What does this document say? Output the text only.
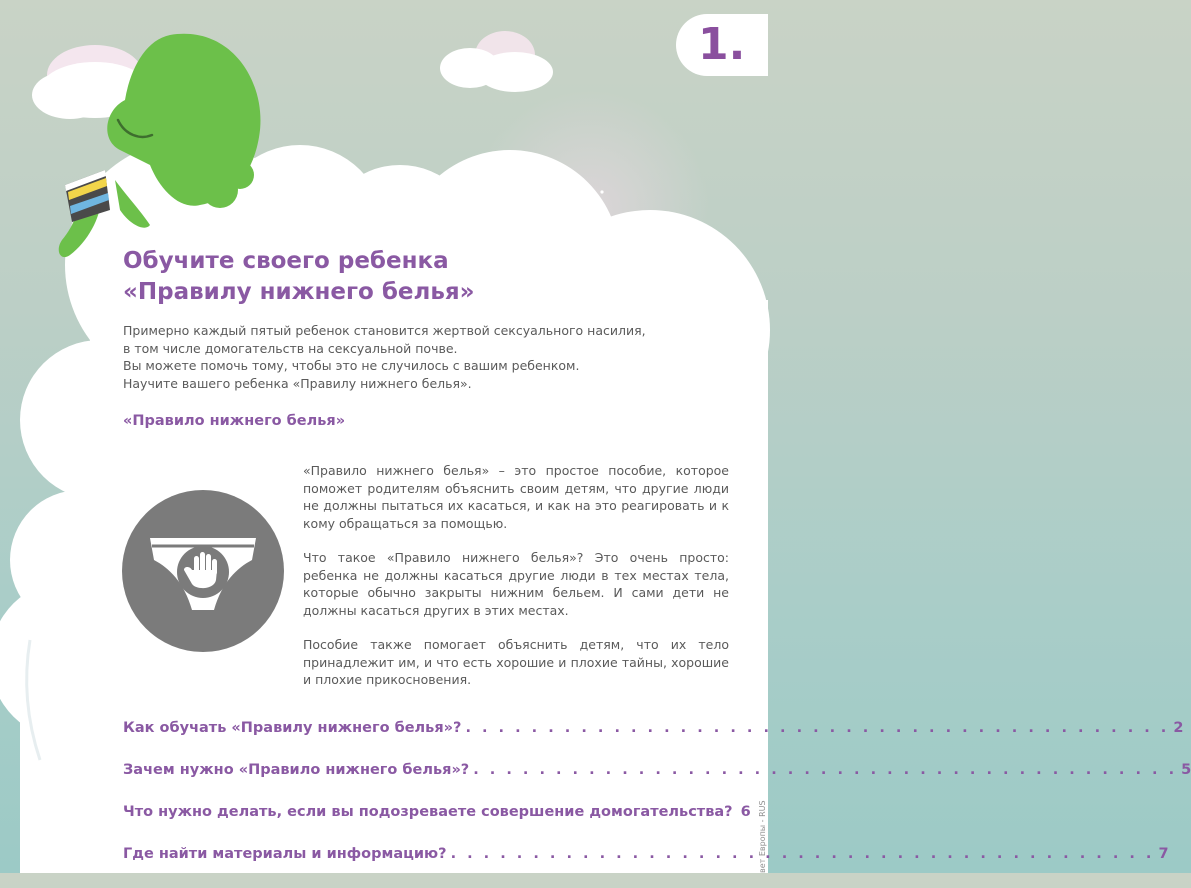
1.
Обучите своего ребенка
«Правилу нижнего белья»
Примерно каждый пятый ребенок становится жертвой сексуального насилия,
в том числе домогательств на сексуальной почве.
Вы можете помочь тому, чтобы это не случилось с вашим ребенком.
Научите вашего ребенка «Правилу нижнего белья».
«Правило нижнего белья»

«Правило нижнего белья» – это простое пособие, которое поможет родителям объяснить своим детям, что другие люди не должны пытаться их касаться, и как на это реагировать и к кому обращаться за помощью.

Что такое «Правило нижнего белья»? Это очень просто: ребенка не должны касаться другие люди в тех местах тела, которые обычно закрыты нижним бельем. И сами дети не должны касаться других в этих местах.

Пособие также помогает объяснить детям, что их тело принадлежит им, и что есть хорошие и плохие тайны, хорошие и плохие прикосновения.

Как обучать «Правилу нижнего белья»? . . . . . . . . . . . . . . . . . . . . . . . . . . . . . . . . . . . . . . . . . . . 2
Зачем нужно «Правило нижнего белья»? . . . . . . . . . . . . . . . . . . . . . . . . . . . . . . . . . . . . . . . . . . . 5
Что нужно делать, если вы подозреваете совершение домогательства? 6
Где найти материалы и информацию? . . . . . . . . . . . . . . . . . . . . . . . . . . . . . . . . . . . . . . . . . . . 7
вет Европы - RUS
